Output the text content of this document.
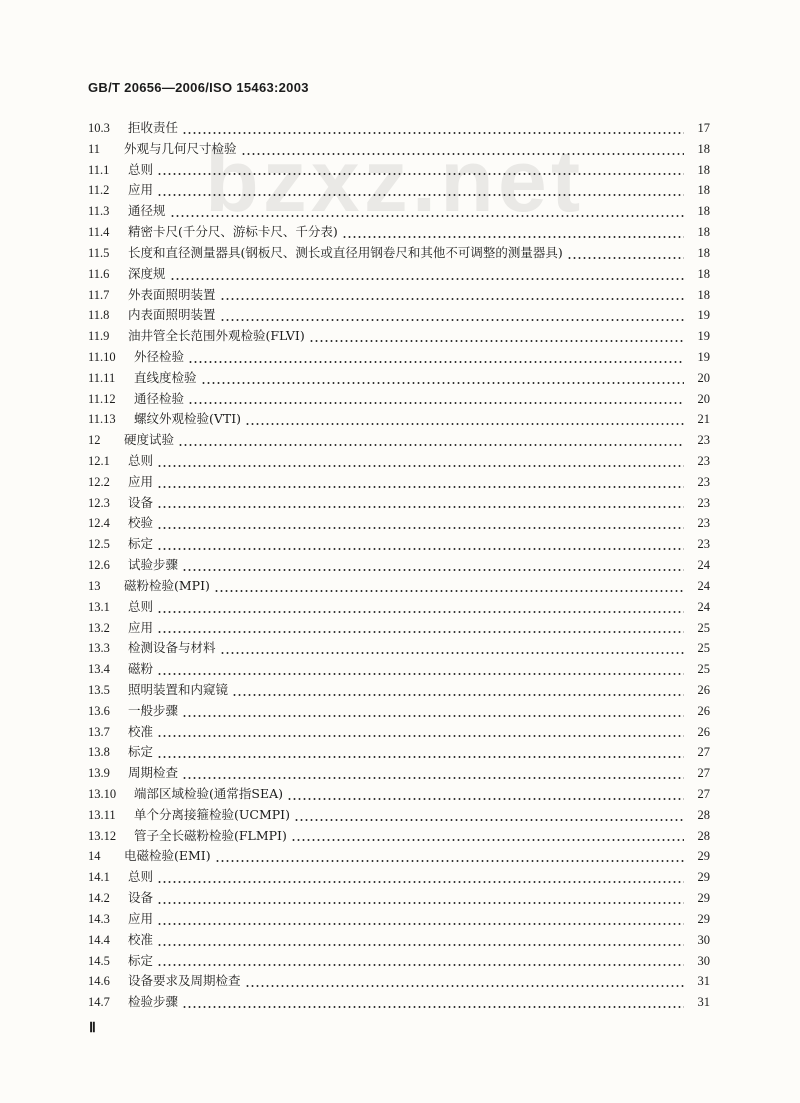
GB/T 20656—2006/ISO 15463:2003
bzxz.net
10.3	拒收责任	17
11	外观与几何尺寸检验	18
11.1	总则	18
11.2	应用	18
11.3	通径规	18
11.4	精密卡尺(千分尺、游标卡尺、千分表)	18
11.5	长度和直径测量器具(钢板尺、测长或直径用钢卷尺和其他不可调整的测量器具)	18
11.6	深度规	18
11.7	外表面照明装置	18
11.8	内表面照明装置	19
11.9	油井管全长范围外观检验(FLVI)	19
11.10	外径检验	19
11.11	直线度检验	20
11.12	通径检验	20
11.13	螺纹外观检验(VTI)	21
12	硬度试验	23
12.1	总则	23
12.2	应用	23
12.3	设备	23
12.4	校验	23
12.5	标定	23
12.6	试验步骤	24
13	磁粉检验(MPI)	24
13.1	总则	24
13.2	应用	25
13.3	检测设备与材料	25
13.4	磁粉	25
13.5	照明装置和内窥镜	26
13.6	一般步骤	26
13.7	校准	26
13.8	标定	27
13.9	周期检查	27
13.10	端部区域检验(通常指SEA)	27
13.11	单个分离接箍检验(UCMPI)	28
13.12	管子全长磁粉检验(FLMPI)	28
14	电磁检验(EMI)	29
14.1	总则	29
14.2	设备	29
14.3	应用	29
14.4	校准	30
14.5	标定	30
14.6	设备要求及周期检查	31
14.7	检验步骤	31
Ⅱ
